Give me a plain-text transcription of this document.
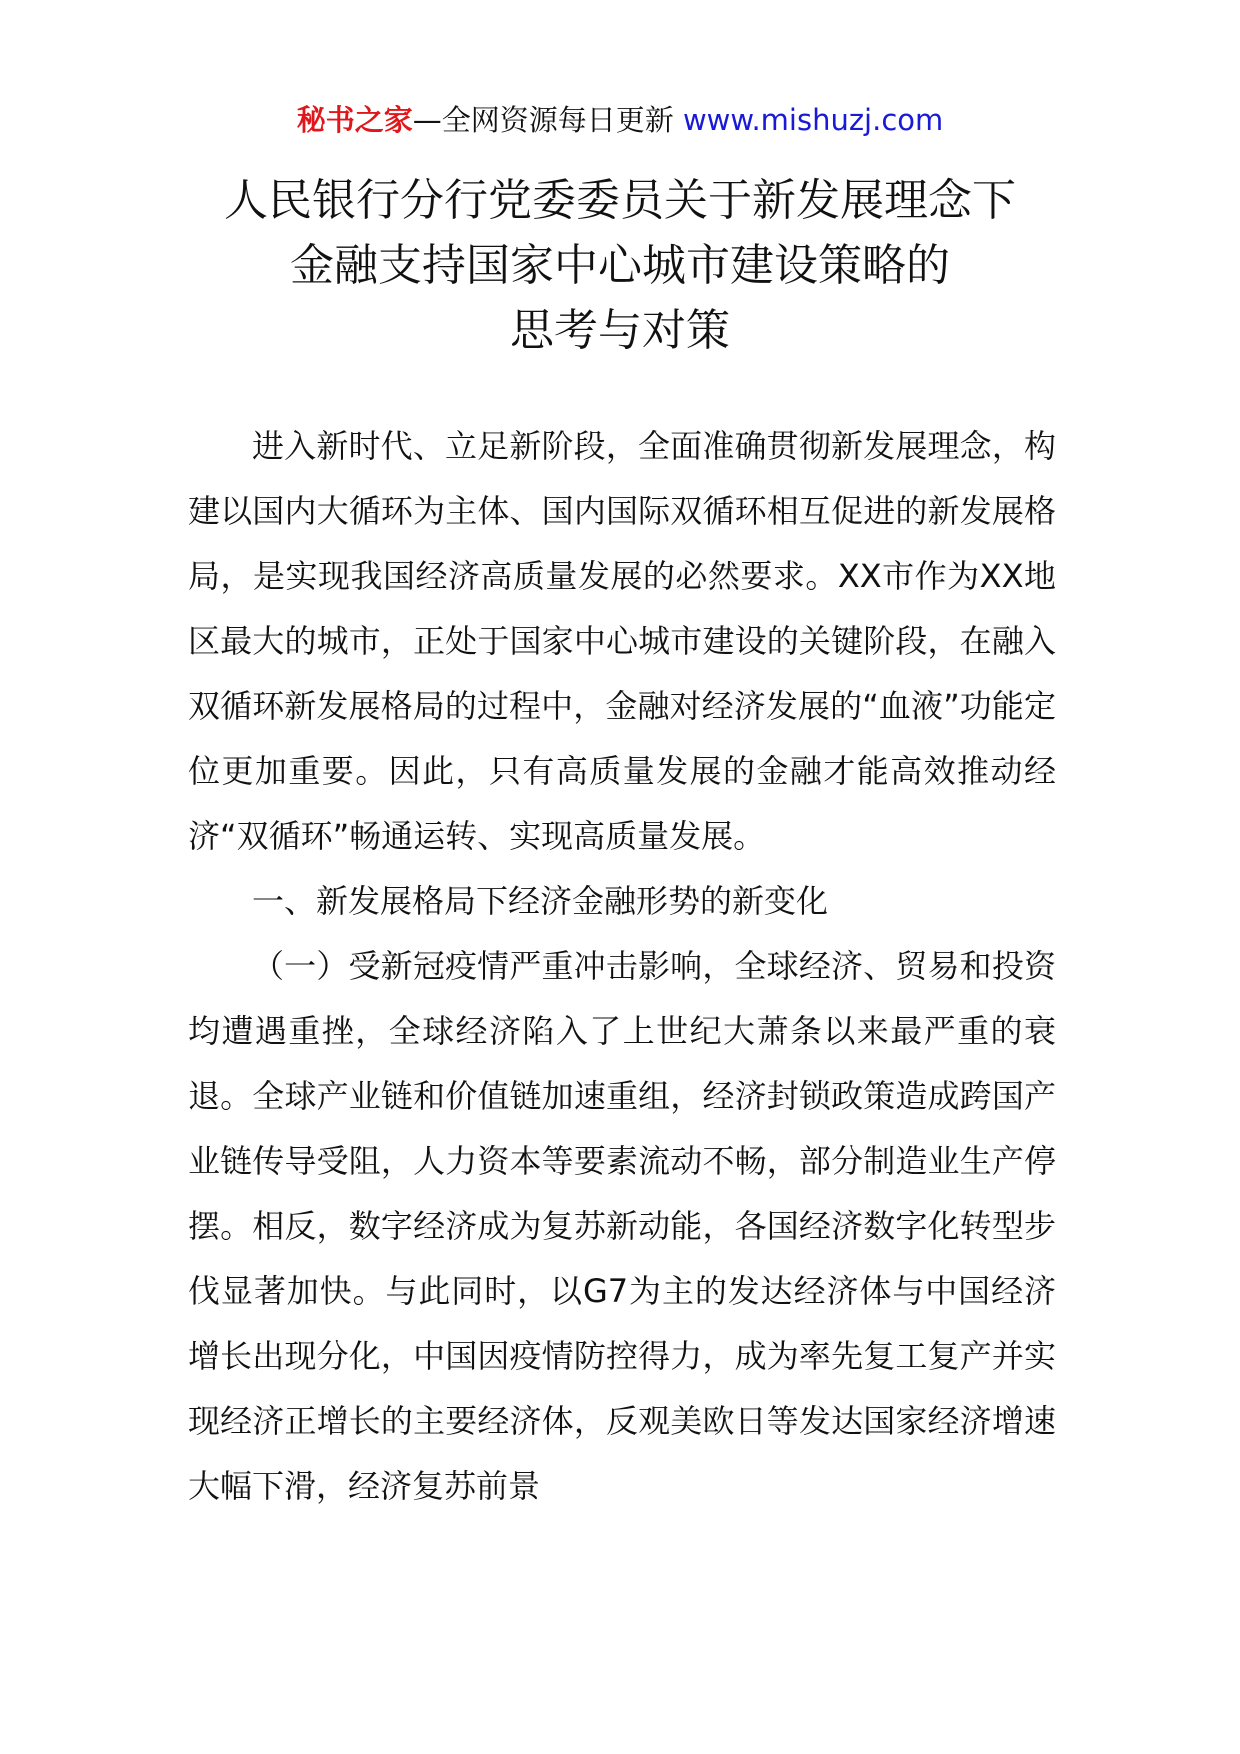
秘书之家—全网资源每日更新 www.mishuzj.com
人民银行分行党委委员关于新发展理念下
金融支持国家中心城市建设策略的
思考与对策

进入新时代、立足新阶段，全面准确贯彻新发展理念，构建以国内大循环为主体、国内国际双循环相互促进的新发展格局，是实现我国经济高质量发展的必然要求。XX市作为XX地区最大的城市，正处于国家中心城市建设的关键阶段，在融入双循环新发展格局的过程中，金融对经济发展的“血液”功能定位更加重要。因此，只有高质量发展的金融才能高效推动经济“双循环”畅通运转、实现高质量发展。

一、新发展格局下经济金融形势的新变化

（一）受新冠疫情严重冲击影响，全球经济、贸易和投资均遭遇重挫，全球经济陷入了上世纪大萧条以来最严重的衰退。全球产业链和价值链加速重组，经济封锁政策造成跨国产业链传导受阻，人力资本等要素流动不畅，部分制造业生产停摆。相反，数字经济成为复苏新动能，各国经济数字化转型步伐显著加快。与此同时，以G7为主的发达经济体与中国经济增长出现分化，中国因疫情防控得力，成为率先复工复产并实现经济正增长的主要经济体，反观美欧日等发达国家经济增速大幅下滑，经济复苏前景
